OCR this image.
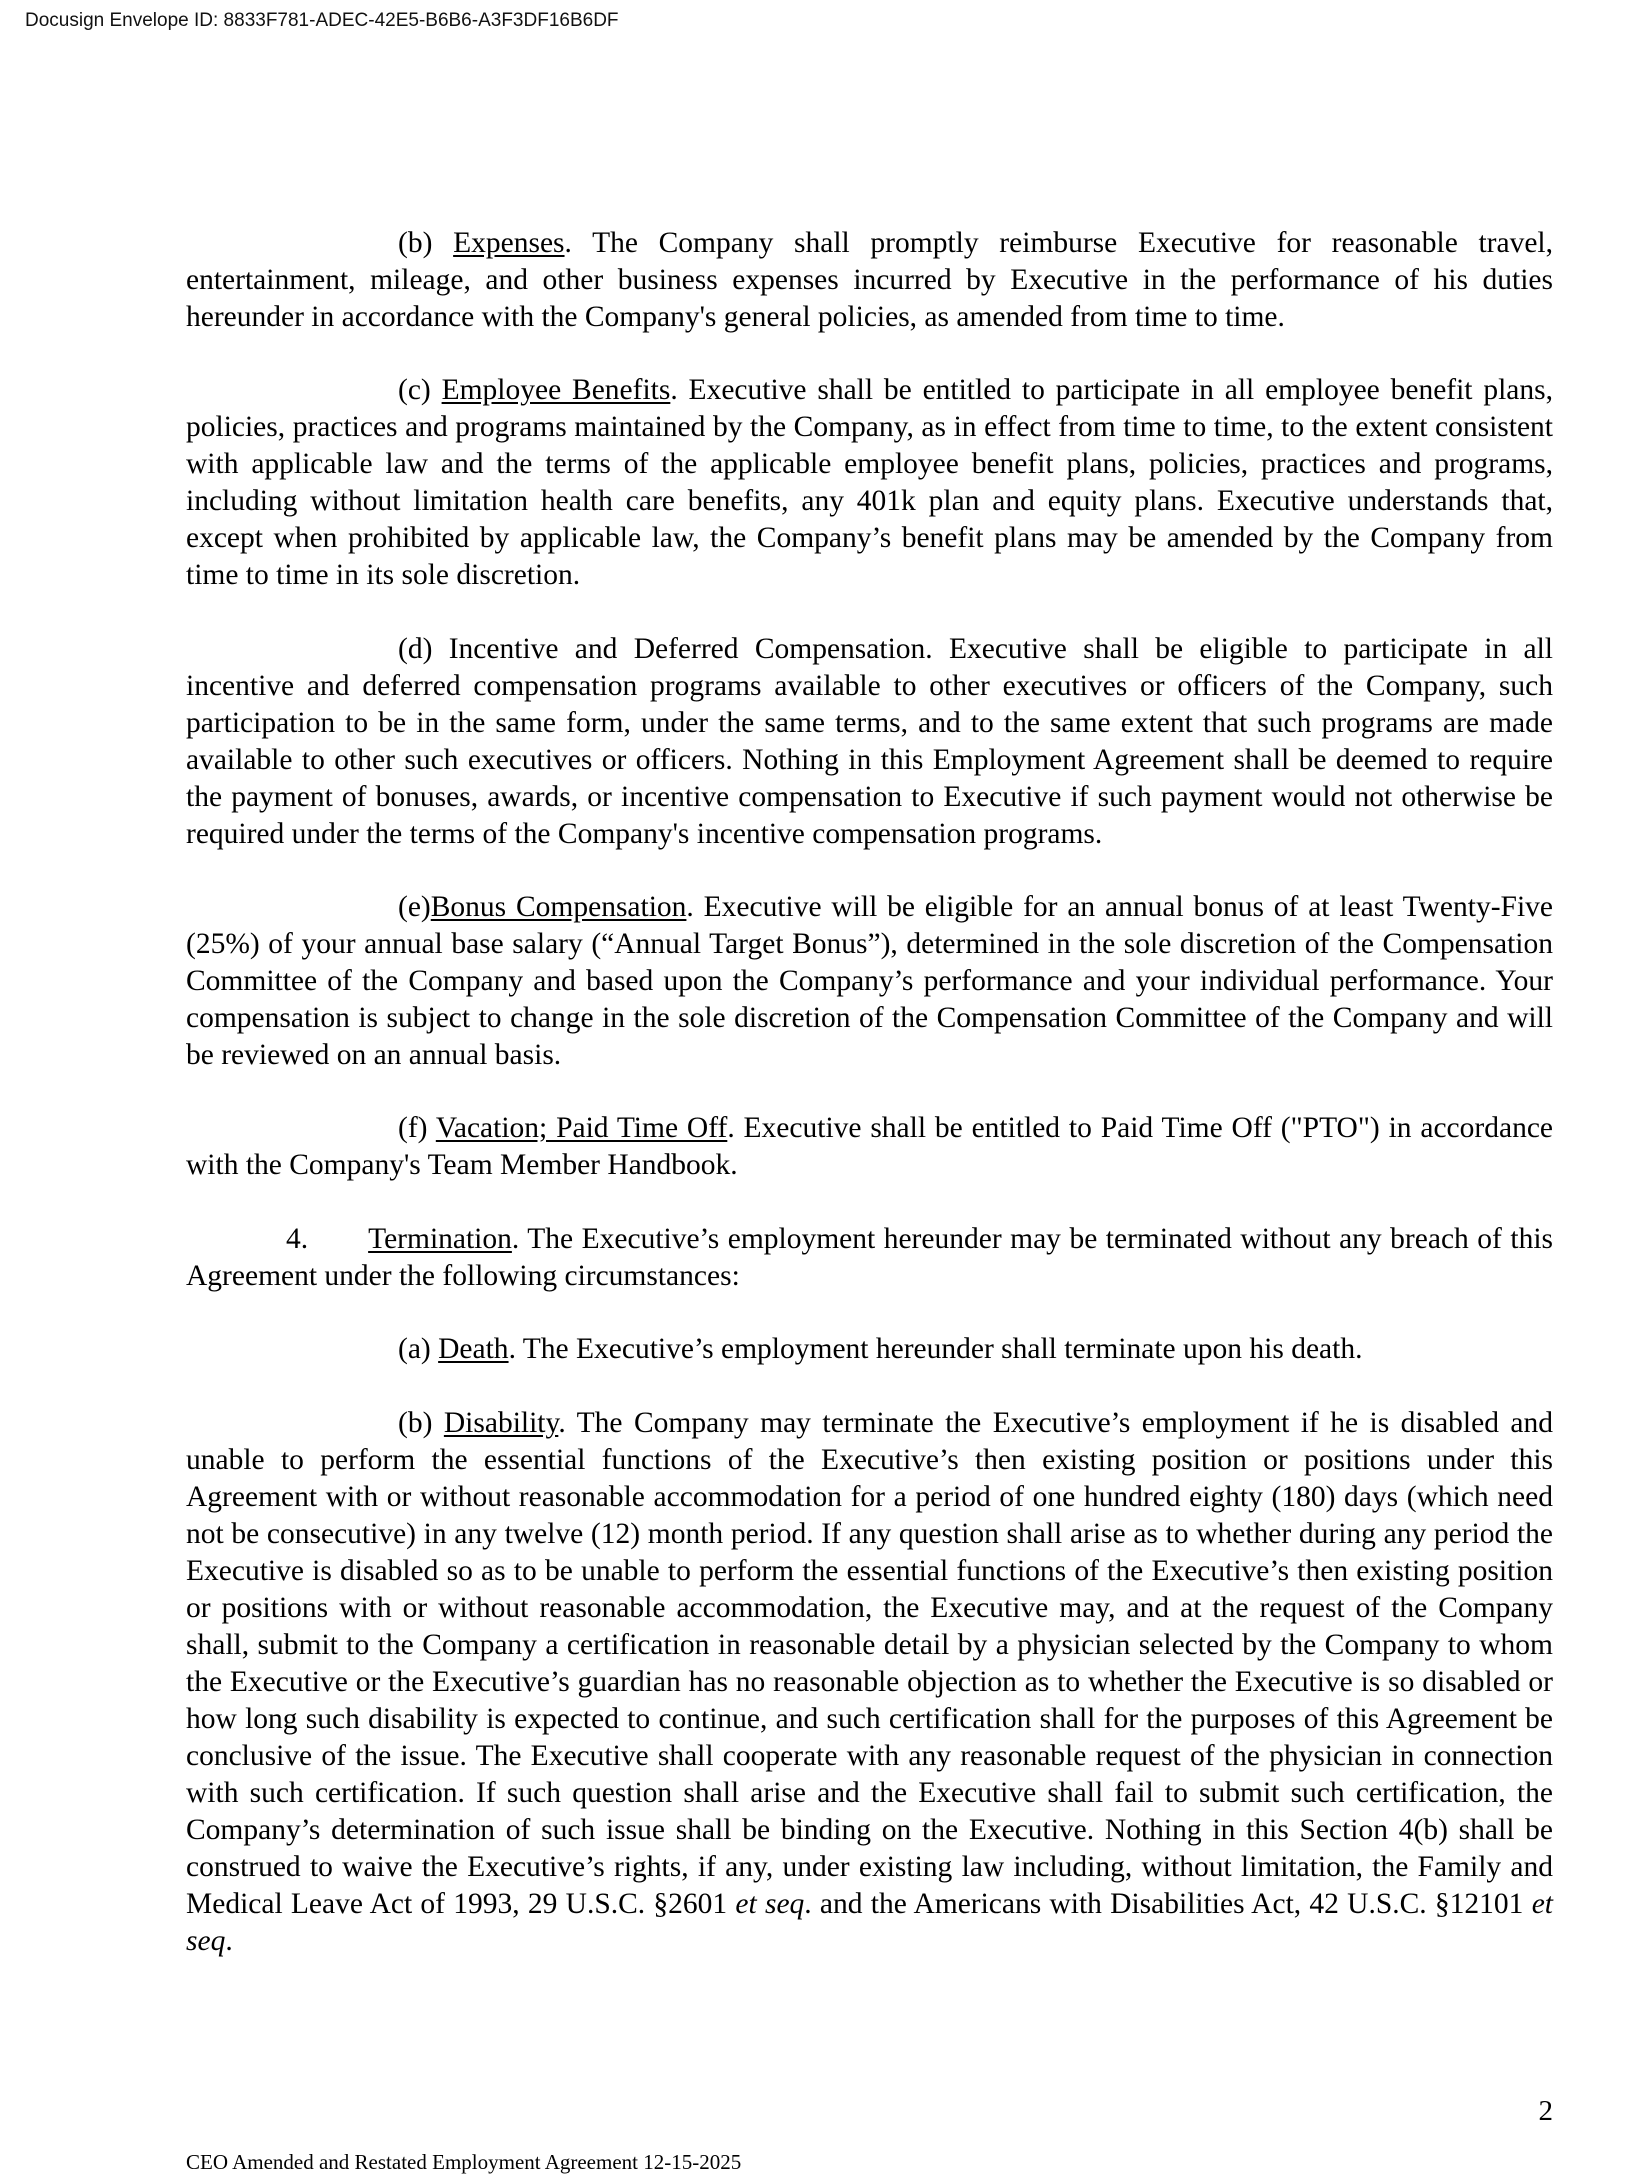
Docusign Envelope ID: 8833F781-ADEC-42E5-B6B6-A3F3DF16B6DF

(b) Expenses. The Company shall promptly reimburse Executive for reasonable travel, entertainment, mileage, and other business expenses incurred by Executive in the performance of his duties hereunder in accordance with the Company's general policies, as amended from time to time.

(c) Employee Benefits. Executive shall be entitled to participate in all employee benefit plans, policies, practices and programs maintained by the Company, as in effect from time to time, to the extent consistent with applicable law and the terms of the applicable employee benefit plans, policies, practices and programs, including without limitation health care benefits, any 401k plan and equity plans. Executive understands that, except when prohibited by applicable law, the Company’s benefit plans may be amended by the Company from time to time in its sole discretion.

(d) Incentive and Deferred Compensation. Executive shall be eligible to participate in all incentive and deferred compensation programs available to other executives or officers of the Company, such participation to be in the same form, under the same terms, and to the same extent that such programs are made available to other such executives or officers. Nothing in this Employment Agreement shall be deemed to require the payment of bonuses, awards, or incentive compensation to Executive if such payment would not otherwise be required under the terms of the Company's incentive compensation programs.

(e)Bonus Compensation. Executive will be eligible for an annual bonus of at least Twenty-Five (25%) of your annual base salary (“Annual Target Bonus”), determined in the sole discretion of the Compensation Committee of the Company and based upon the Company’s performance and your individual performance. Your compensation is subject to change in the sole discretion of the Compensation Committee of the Company and will be reviewed on an annual basis.

(f) Vacation; Paid Time Off. Executive shall be entitled to Paid Time Off ("PTO") in accordance with the Company's Team Member Handbook.

4. Termination. The Executive’s employment hereunder may be terminated without any breach of this Agreement under the following circumstances:

(a) Death. The Executive’s employment hereunder shall terminate upon his death.

(b) Disability. The Company may terminate the Executive’s employment if he is disabled and unable to perform the essential functions of the Executive’s then existing position or positions under this Agreement with or without reasonable accommodation for a period of one hundred eighty (180) days (which need not be consecutive) in any twelve (12) month period. If any question shall arise as to whether during any period the Executive is disabled so as to be unable to perform the essential functions of the Executive’s then existing position or positions with or without reasonable accommodation, the Executive may, and at the request of the Company shall, submit to the Company a certification in reasonable detail by a physician selected by the Company to whom the Executive or the Executive’s guardian has no reasonable objection as to whether the Executive is so disabled or how long such disability is expected to continue, and such certification shall for the purposes of this Agreement be conclusive of the issue. The Executive shall cooperate with any reasonable request of the physician in connection with such certification. If such question shall arise and the Executive shall fail to submit such certification, the Company’s determination of such issue shall be binding on the Executive. Nothing in this Section 4(b) shall be construed to waive the Executive’s rights, if any, under existing law including, without limitation, the Family and Medical Leave Act of 1993, 29 U.S.C. §2601 et seq. and the Americans with Disabilities Act, 42 U.S.C. §12101 et seq.

2
CEO Amended and Restated Employment Agreement 12-15-2025
